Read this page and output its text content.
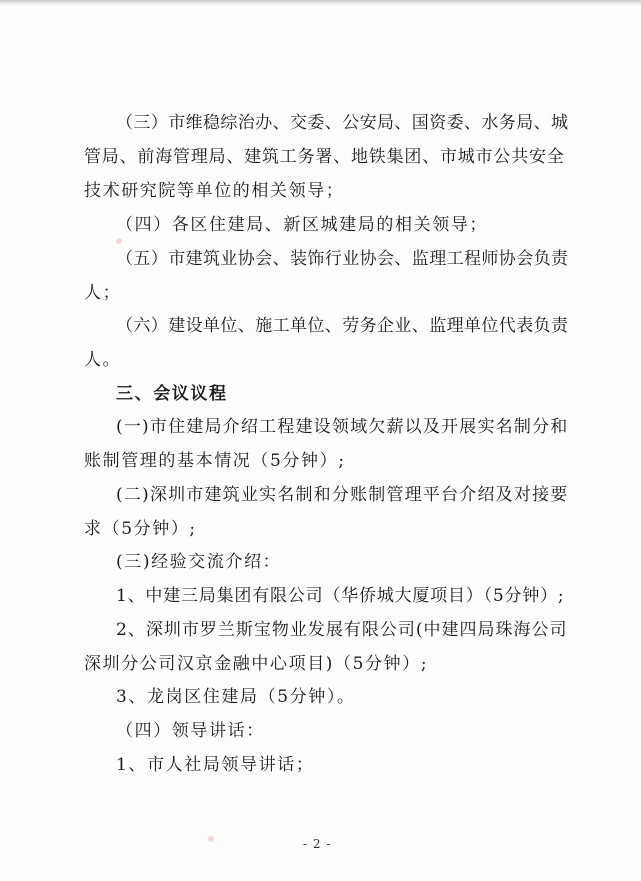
（三）市维稳综治办、交委、公安局、国资委、水务局、城

管局、前海管理局、建筑工务署、地铁集团、市城市公共安全

技术研究院等单位的相关领导；

（四）各区住建局、新区城建局的相关领导；

（五）市建筑业协会、装饰行业协会、监理工程师协会负责

人；

（六）建设单位、施工单位、劳务企业、监理单位代表负责

人。

三、会议议程

(一)市住建局介绍工程建设领域欠薪以及开展实名制分和

账制管理的基本情况（5分钟）;

(二)深圳市建筑业实名制和分账制管理平台介绍及对接要

求（5分钟）;

(三)经验交流介绍：

1、中建三局集团有限公司（华侨城大厦项目）（5分钟）;

2、深圳市罗兰斯宝物业发展有限公司(中建四局珠海公司

深圳分公司汉京金融中心项目)（5分钟）;

3、龙岗区住建局（5分钟）。

（四）领导讲话：

1、市人社局领导讲话；

- 2 -
